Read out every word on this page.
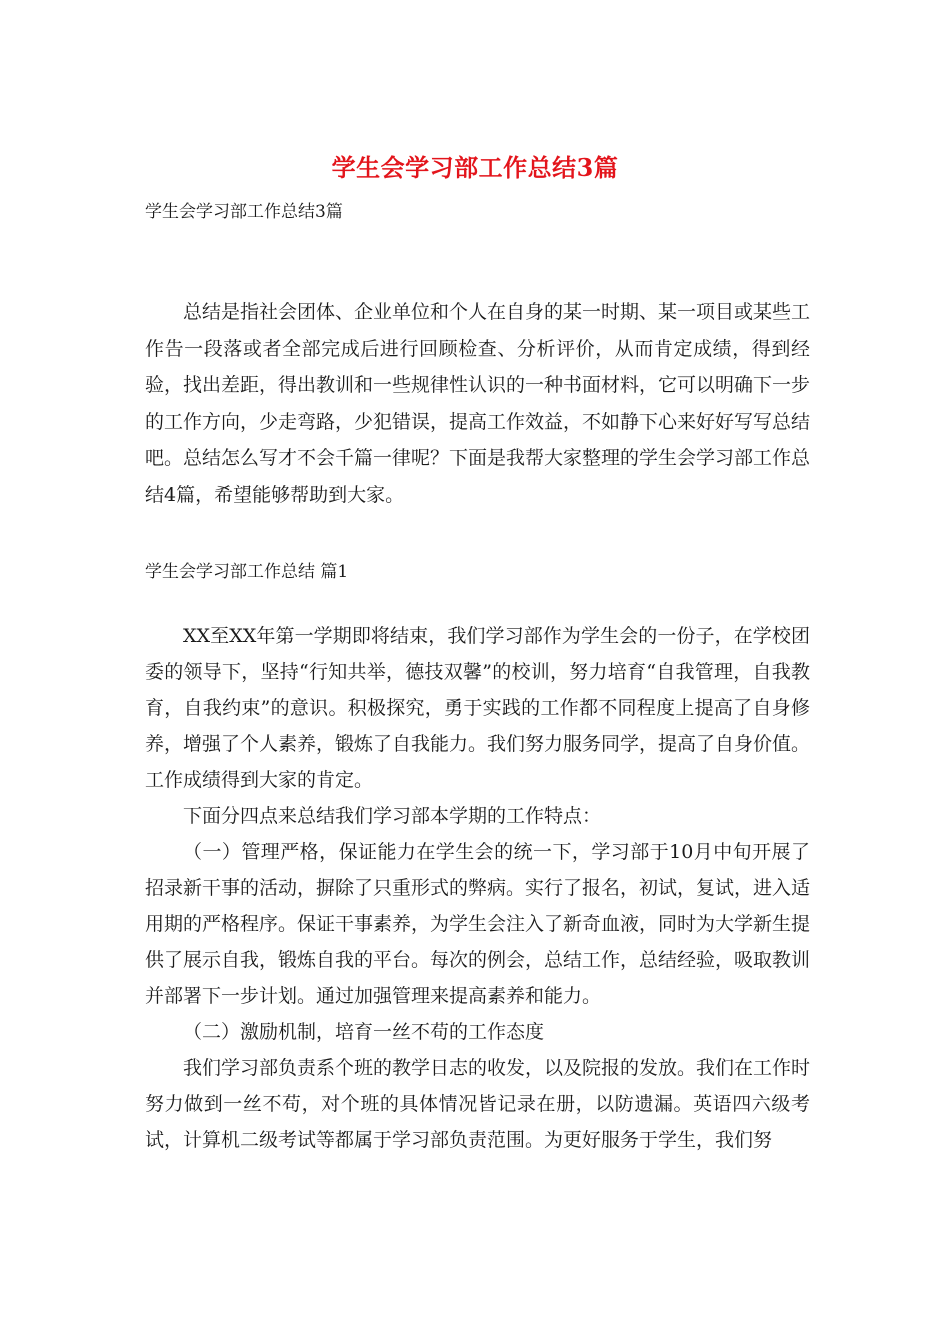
学生会学习部工作总结3篇
学生会学习部工作总结3篇

总结是指社会团体、企业单位和个人在自身的某一时期、某一项目或某些工作告一段落或者全部完成后进行回顾检查、分析评价，从而肯定成绩，得到经验，找出差距，得出教训和一些规律性认识的一种书面材料，它可以明确下一步的工作方向，少走弯路，少犯错误，提高工作效益，不如静下心来好好写写总结吧。总结怎么写才不会千篇一律呢？下面是我帮大家整理的学生会学习部工作总结4篇，希望能够帮助到大家。

学生会学习部工作总结 篇1

XX至XX年第一学期即将结束，我们学习部作为学生会的一份子，在学校团委的领导下，坚持“行知共举，德技双馨”的校训，努力培育“自我管理，自我教育，自我约束”的意识。积极探究，勇于实践的工作都不同程度上提高了自身修养，增强了个人素养，锻炼了自我能力。我们努力服务同学，提高了自身价值。工作成绩得到大家的肯定。

下面分四点来总结我们学习部本学期的工作特点：

（一）管理严格，保证能力在学生会的统一下，学习部于10月中旬开展了招录新干事的活动，摒除了只重形式的弊病。实行了报名，初试，复试，进入适用期的严格程序。保证干事素养，为学生会注入了新奇血液，同时为大学新生提供了展示自我，锻炼自我的平台。每次的例会，总结工作，总结经验，吸取教训并部署下一步计划。通过加强管理来提高素养和能力。

（二）激励机制，培育一丝不苟的工作态度

我们学习部负责系个班的教学日志的收发，以及院报的发放。我们在工作时努力做到一丝不苟，对个班的具体情况皆记录在册，以防遗漏。英语四六级考试，计算机二级考试等都属于学习部负责范围。为更好服务于学生，我们努
